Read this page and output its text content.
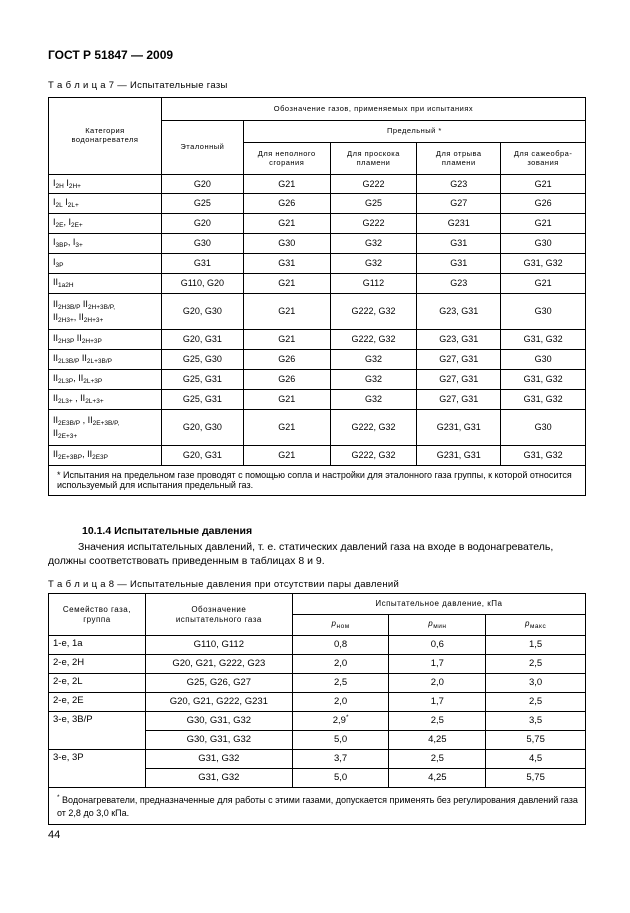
ГОСТ Р 51847 — 2009
Т а б л и ц а 7 — Испытательные газы
Категория водонагревателя	Обозначение газов, применяемых при испытаниях				
	Эталонный	Предельный *			
		Для неполного сгорания	Для проскока пламени	Для отрыва пламени	Для сажеобра-зования
$I_{2H}$ $I_{2H+}$	G20	G21	G222	G23	G21
$I_{2L}$ $I_{2L+}$	G25	G26	G25	G27	G26
$I_{2E}$, $I_{2E+}$	G20	G21	G222	G231	G21
$I_{3BP}$, $I_{3+}$	G30	G30	G32	G31	G30
$I_{3P}$	G31	G31	G32	G31	G31, G32
$II_{1a2H}$	G110, G20	G21	G112	G23	G21
$II_{2H3B/P}$ $II_{2H+3B/P,}$
$II_{2H3+}$, $II_{2H+3+}$	G20, G30	G21	G222, G32	G23, G31	G30
$II_{2H3P}$ $II_{2H+3P}$	G20, G31	G21	G222, G32	G23, G31	G31, G32
$II_{2L3B/P}$ $II_{2L+3B/P}$	G25, G30	G26	G32	G27, G31	G30
$II_{2L3P}$, $II_{2L+3P}$	G25, G31	G26	G32	G27, G31	G31, G32
$II_{2L3+}$ , $II_{2L+3+}$	G25, G31	G21	G32	G27, G31	G31, G32
$II_{2E3B/P}$ , $II_{2E+3B/P,}$
$II_{2E+3+}$	G20, G30	G21	G222, G32	G231, G31	G30
$II_{2E+3BP}$, $II_{2E3P}$	G20, G31	G21	G222, G32	G231, G31	G31, G32
* Испытания на предельном газе проводят с помощью сопла и настройки для эталонного газа группы, к которой относится используемый для испытания предельный газ.					
10.1.4 Испытательные давления
Значения испытательных давлений, т. е. статических давлений газа на входе в водонагреватель, должны соответствовать приведенным в таблицах 8 и 9.
Т а б л и ц а 8 — Испытательные давления при отсутствии пары давлений
Семейство газа, группа	Обозначение испытательного газа	Испытательное давление, кПа		
		$p_{ном}$	$p_{мин}$	$p_{макс}$
1-е, 1а	G110, G112	0,8	0,6	1,5
2-е, 2Н	G20, G21, G222, G23	2,0	1,7	2,5
2-е, 2L	G25, G26, G27	2,5	2,0	3,0
2-е, 2Е	G20, G21, G222, G231	2,0	1,7	2,5
3-е, 3В/Р	G30, G31, G32	2,9*	2,5	3,5
	G30, G31, G32	5,0	4,25	5,75
3-е, 3Р	G31, G32	3,7	2,5	4,5
	G31, G32	5,0	4,25	5,75
* Водонагреватели, предназначенные для работы с этими газами, допускается применять без регулирования давлений газа от 2,8 до 3,0 кПа.				
44
